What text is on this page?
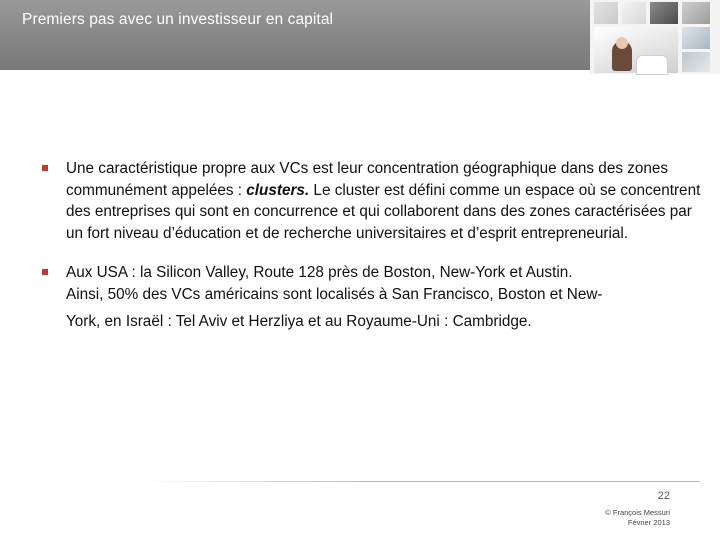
Premiers pas avec un investisseur en capital
Une caractéristique propre aux VCs est leur concentration géographique dans des zones communément appelées : clusters. Le cluster est défini comme un espace où se concentrent des entreprises qui sont en concurrence et qui collaborent dans des zones caractérisées par un fort niveau d’éducation et de recherche universitaires et d’esprit entrepreneurial.
Aux USA : la Silicon Valley, Route 128 près de Boston, New-York et Austin.
Ainsi, 50% des VCs américains sont localisés à San Francisco, Boston et New-
York, en Israël : Tel Aviv et Herzliya et au Royaume-Uni : Cambridge.
22
© François Messuri
Février 2013
